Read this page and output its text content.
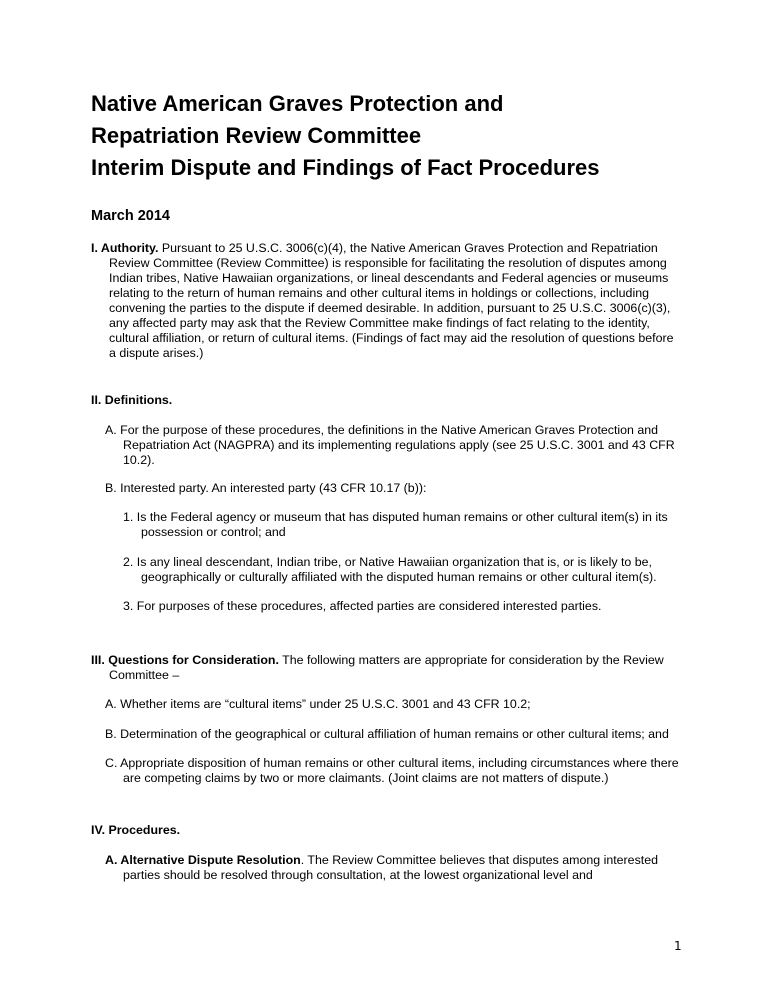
Native American Graves Protection and

Repatriation Review Committee

Interim Dispute and Findings of Fact Procedures

March 2014

I. Authority. Pursuant to 25 U.S.C. 3006(c)(4), the Native American Graves Protection and Repatriation Review Committee (Review Committee) is responsible for facilitating the resolution of disputes among Indian tribes, Native Hawaiian organizations, or lineal descendants and Federal agencies or museums relating to the return of human remains and other cultural items in holdings or collections, including convening the parties to the dispute if deemed desirable. In addition, pursuant to 25 U.S.C. 3006(c)(3), any affected party may ask that the Review Committee make findings of fact relating to the identity, cultural affiliation, or return of cultural items. (Findings of fact may aid the resolution of questions before a dispute arises.)

II. Definitions.

A. For the purpose of these procedures, the definitions in the Native American Graves Protection and Repatriation Act (NAGPRA) and its implementing regulations apply (see 25 U.S.C. 3001 and 43 CFR 10.2).

B. Interested party. An interested party (43 CFR 10.17 (b)):

1. Is the Federal agency or museum that has disputed human remains or other cultural item(s) in its possession or control; and

2. Is any lineal descendant, Indian tribe, or Native Hawaiian organization that is, or is likely to be, geographically or culturally affiliated with the disputed human remains or other cultural item(s).

3. For purposes of these procedures, affected parties are considered interested parties.

III. Questions for Consideration. The following matters are appropriate for consideration by the Review Committee –

A. Whether items are “cultural items” under 25 U.S.C. 3001 and 43 CFR 10.2;

B. Determination of the geographical or cultural affiliation of human remains or other cultural items; and

C. Appropriate disposition of human remains or other cultural items, including circumstances where there are competing claims by two or more claimants. (Joint claims are not matters of dispute.)

IV. Procedures.

A. Alternative Dispute Resolution. The Review Committee believes that disputes among interested parties should be resolved through consultation, at the lowest organizational level and

1
